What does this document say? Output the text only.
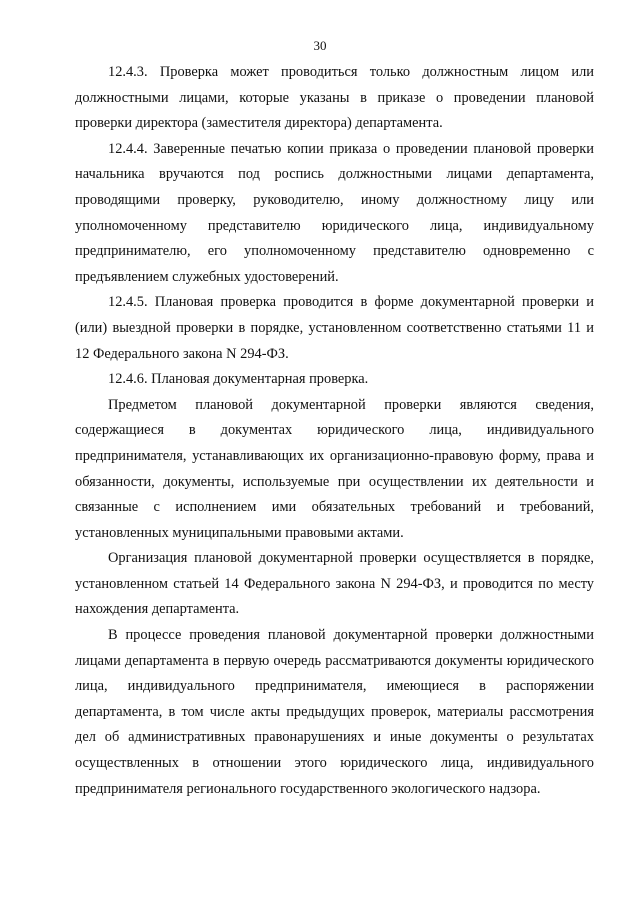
30

12.4.3. Проверка может проводиться только должностным лицом или должностными лицами, которые указаны в приказе о проведении плановой проверки директора (заместителя директора) департамента.

12.4.4. Заверенные печатью копии приказа о проведении плановой проверки начальника вручаются под роспись должностными лицами департамента, проводящими проверку, руководителю, иному должностному лицу или уполномоченному представителю юридического лица, индивидуальному предпринимателю, его уполномоченному представителю одновременно с предъявлением служебных удостоверений.

12.4.5. Плановая проверка проводится в форме документарной проверки и (или) выездной проверки в порядке, установленном соответственно статьями 11 и 12 Федерального закона N 294-ФЗ.

12.4.6. Плановая документарная проверка.

Предметом плановой документарной проверки являются сведения, содержащиеся в документах юридического лица, индивидуального предпринимателя, устанавливающих их организационно-правовую форму, права и обязанности, документы, используемые при осуществлении их деятельности и связанные с исполнением ими обязательных требований и требований, установленных муниципальными правовыми актами.

Организация плановой документарной проверки осуществляется в порядке, установленном статьей 14 Федерального закона N 294-ФЗ, и проводится по месту нахождения департамента.

В процессе проведения плановой документарной проверки должностными лицами департамента в первую очередь рассматриваются документы юридического лица, индивидуального предпринимателя, имеющиеся в распоряжении департамента, в том числе акты предыдущих проверок, материалы рассмотрения дел об административных правонарушениях и иные документы о результатах осуществленных в отношении этого юридического лица, индивидуального предпринимателя регионального государственного экологического надзора.
